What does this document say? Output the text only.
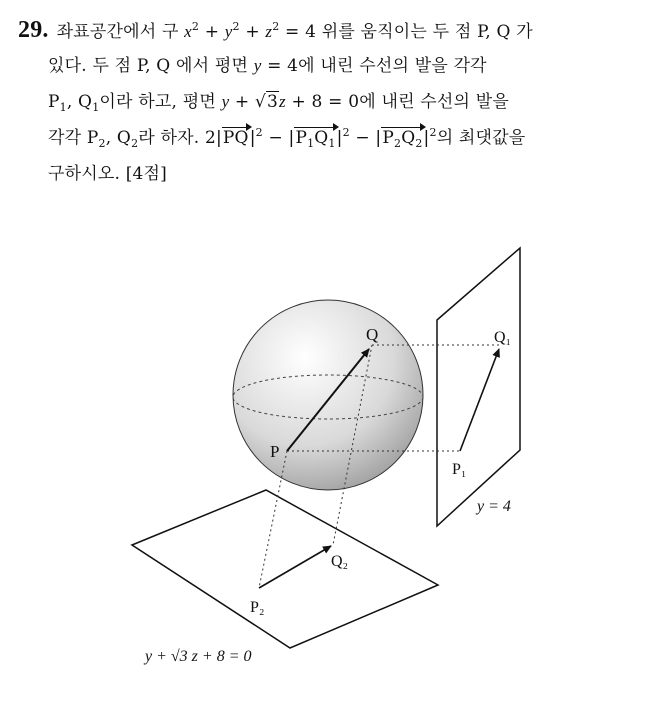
29. 좌표공간에서 구 $x^2 + y^2 + z^2 = 4$ 위를 움직이는 두 점 P, Q 가
있다. 두 점 P, Q 에서 평면 y = 4에 내린 수선의 발을 각각
$P_1$, $Q_1$이라 하고, 평면 y + √3z + 8 = 0에 내린 수선의 발을
각각 $P_2$, $Q_2$라 하자. 2|
$PQ|^2$ − |
$P_1Q_1|^2$ − |
$P_2Q_2|^2$의 최댓값을
구하시오. [4점]
Q
P
Q₁
P₁
Q₂
P₂
y = 4
y + √3 z + 8 = 0
